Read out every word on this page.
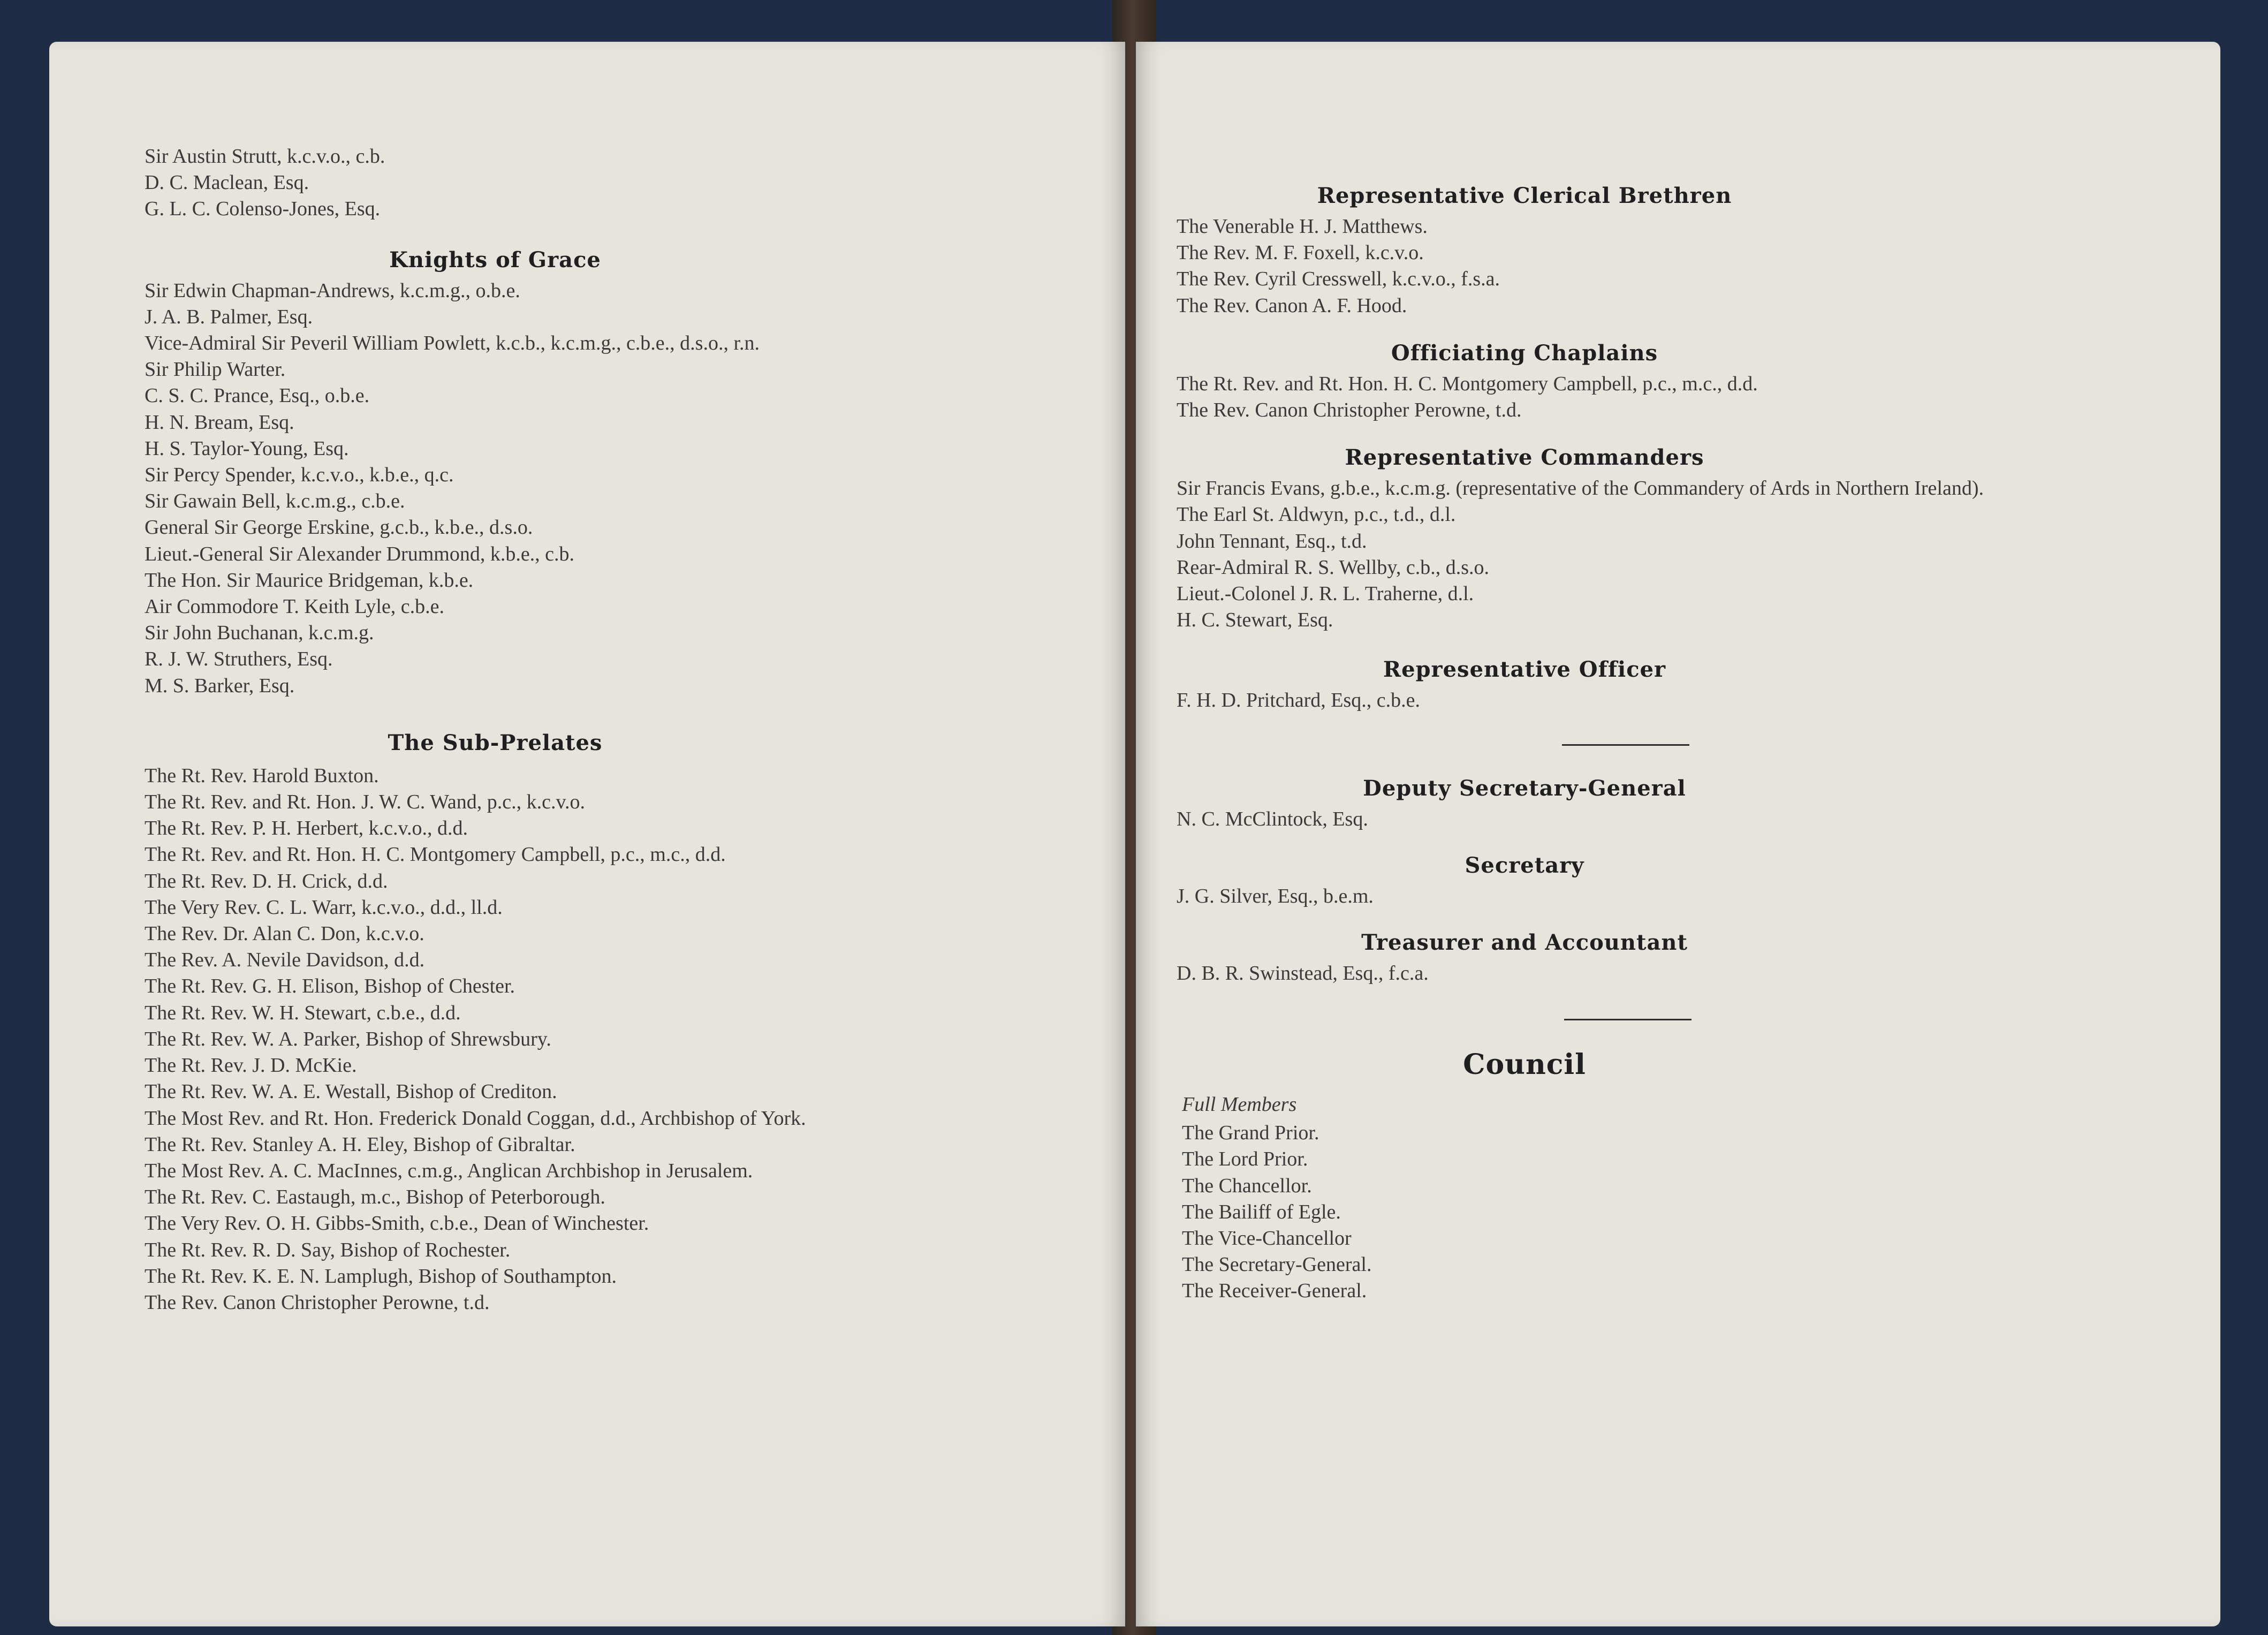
Sir Austin Strutt, k.c.v.o., c.b.
D. C. Maclean, Esq.
G. L. C. Colenso-Jones, Esq.
Knights of Grace
Sir Edwin Chapman-Andrews, k.c.m.g., o.b.e.
J. A. B. Palmer, Esq.
Vice-Admiral Sir Peveril William Powlett, k.c.b., k.c.m.g., c.b.e., d.s.o., r.n.
Sir Philip Warter.
C. S. C. Prance, Esq., o.b.e.
H. N. Bream, Esq.
H. S. Taylor-Young, Esq.
Sir Percy Spender, k.c.v.o., k.b.e., q.c.
Sir Gawain Bell, k.c.m.g., c.b.e.
General Sir George Erskine, g.c.b., k.b.e., d.s.o.
Lieut.-General Sir Alexander Drummond, k.b.e., c.b.
The Hon. Sir Maurice Bridgeman, k.b.e.
Air Commodore T. Keith Lyle, c.b.e.
Sir John Buchanan, k.c.m.g.
R. J. W. Struthers, Esq.
M. S. Barker, Esq.
The Sub-Prelates
The Rt. Rev. Harold Buxton.
The Rt. Rev. and Rt. Hon. J. W. C. Wand, p.c., k.c.v.o.
The Rt. Rev. P. H. Herbert, k.c.v.o., d.d.
The Rt. Rev. and Rt. Hon. H. C. Montgomery Campbell, p.c., m.c., d.d.
The Rt. Rev. D. H. Crick, d.d.
The Very Rev. C. L. Warr, k.c.v.o., d.d., ll.d.
The Rev. Dr. Alan C. Don, k.c.v.o.
The Rev. A. Nevile Davidson, d.d.
The Rt. Rev. G. H. Elison, Bishop of Chester.
The Rt. Rev. W. H. Stewart, c.b.e., d.d.
The Rt. Rev. W. A. Parker, Bishop of Shrewsbury.
The Rt. Rev. J. D. McKie.
The Rt. Rev. W. A. E. Westall, Bishop of Crediton.
The Most Rev. and Rt. Hon. Frederick Donald Coggan, d.d., Archbishop of York.
The Rt. Rev. Stanley A. H. Eley, Bishop of Gibraltar.
The Most Rev. A. C. MacInnes, c.m.g., Anglican Archbishop in Jerusalem.
The Rt. Rev. C. Eastaugh, m.c., Bishop of Peterborough.
The Very Rev. O. H. Gibbs-Smith, c.b.e., Dean of Winchester.
The Rt. Rev. R. D. Say, Bishop of Rochester.
The Rt. Rev. K. E. N. Lamplugh, Bishop of Southampton.
The Rev. Canon Christopher Perowne, t.d.
Representative Clerical Brethren
The Venerable H. J. Matthews.
The Rev. M. F. Foxell, k.c.v.o.
The Rev. Cyril Cresswell, k.c.v.o., f.s.a.
The Rev. Canon A. F. Hood.
Officiating Chaplains
The Rt. Rev. and Rt. Hon. H. C. Montgomery Campbell, p.c., m.c., d.d.
The Rev. Canon Christopher Perowne, t.d.
Representative Commanders
Sir Francis Evans, g.b.e., k.c.m.g. (representative of the Commandery of Ards in Northern Ireland).
The Earl St. Aldwyn, p.c., t.d., d.l.
John Tennant, Esq., t.d.
Rear-Admiral R. S. Wellby, c.b., d.s.o.
Lieut.-Colonel J. R. L. Traherne, d.l.
H. C. Stewart, Esq.
Representative Officer
F. H. D. Pritchard, Esq., c.b.e.
Deputy Secretary-General
N. C. McClintock, Esq.
Secretary
J. G. Silver, Esq., b.e.m.
Treasurer and Accountant
D. B. R. Swinstead, Esq., f.c.a.
Council
Full Members
The Grand Prior.
The Lord Prior.
The Chancellor.
The Bailiff of Egle.
The Vice-Chancellor
The Secretary-General.
The Receiver-General.
